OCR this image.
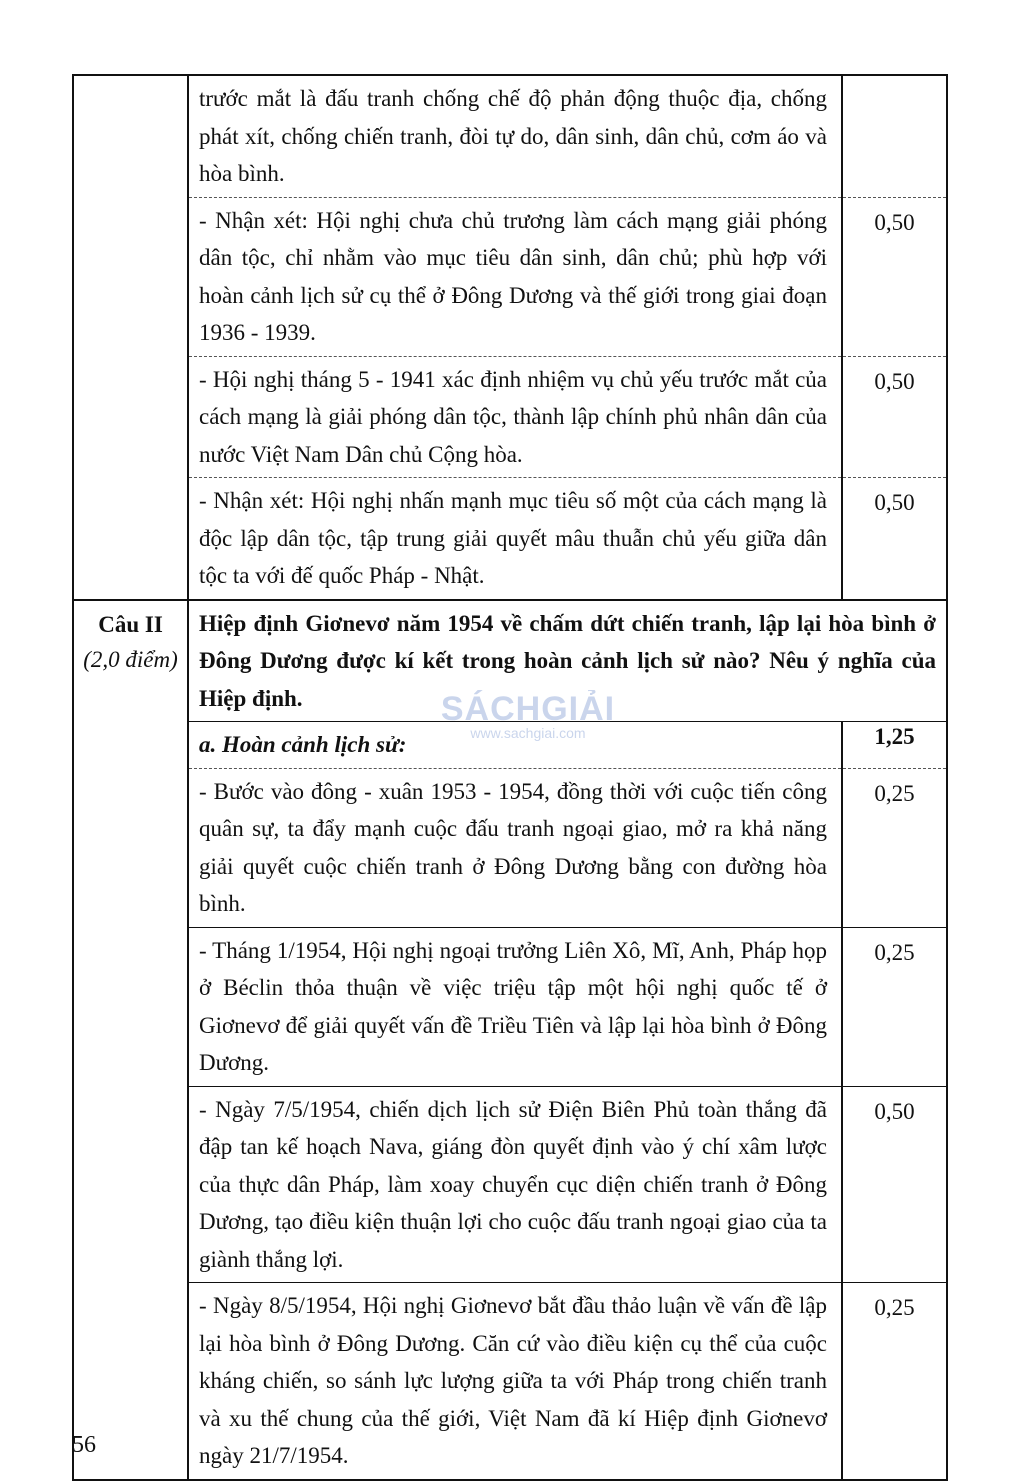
	trước mắt là đấu tranh chống chế độ phản động thuộc địa, chống phát xít, chống chiến tranh, đòi tự do, dân sinh, dân chủ, cơm áo và hòa bình.	

	- Nhận xét: Hội nghị chưa chủ trương làm cách mạng giải phóng dân tộc, chỉ nhằm vào mục tiêu dân sinh, dân chủ; phù hợp với hoàn cảnh lịch sử cụ thể ở Đông Dương và thế giới trong giai đoạn 1936 - 1939.	0,50

	- Hội nghị tháng 5 - 1941 xác định nhiệm vụ chủ yếu trước mắt của cách mạng là giải phóng dân tộc, thành lập chính phủ nhân dân của nước Việt Nam Dân chủ Cộng hòa.	0,50

	- Nhận xét: Hội nghị nhấn mạnh mục tiêu số một của cách mạng là độc lập dân tộc, tập trung giải quyết mâu thuẫn chủ yếu giữa dân tộc ta với đế quốc Pháp - Nhật.	0,50

Câu II
(2,0 điểm)	Hiệp định Giơnevơ năm 1954 về chấm dứt chiến tranh, lập lại hòa bình ở Đông Dương được kí kết trong hoàn cảnh lịch sử nào? Nêu ý nghĩa của Hiệp định.	

	a. Hoàn cảnh lịch sử:	1,25

	- Bước vào đông - xuân 1953 - 1954, đồng thời với cuộc tiến công quân sự, ta đẩy mạnh cuộc đấu tranh ngoại giao, mở ra khả năng giải quyết cuộc chiến tranh ở Đông Dương bằng con đường hòa bình.	0,25

	- Tháng 1/1954, Hội nghị ngoại trưởng Liên Xô, Mĩ, Anh, Pháp họp ở Béclin thỏa thuận về việc triệu tập một hội nghị quốc tế ở Giơnevơ để giải quyết vấn đề Triều Tiên và lập lại hòa bình ở Đông Dương.	0,25

	- Ngày 7/5/1954, chiến dịch lịch sử Điện Biên Phủ toàn thắng đã đập tan kế hoạch Nava, giáng đòn quyết định vào ý chí xâm lược của thực dân Pháp, làm xoay chuyển cục diện chiến tranh ở Đông Dương, tạo điều kiện thuận lợi cho cuộc đấu tranh ngoại giao của ta giành thắng lợi.	0,50

	- Ngày 8/5/1954, Hội nghị Giơnevơ bắt đầu thảo luận về vấn đề lập lại hòa bình ở Đông Dương. Căn cứ vào điều kiện cụ thể của cuộc kháng chiến, so sánh lực lượng giữa ta với Pháp trong chiến tranh và xu thế chung của thế giới, Việt Nam đã kí Hiệp định Giơnevơ ngày 21/7/1954.	0,25
SÁCHGIẢI
www.sachgiai.com
56
